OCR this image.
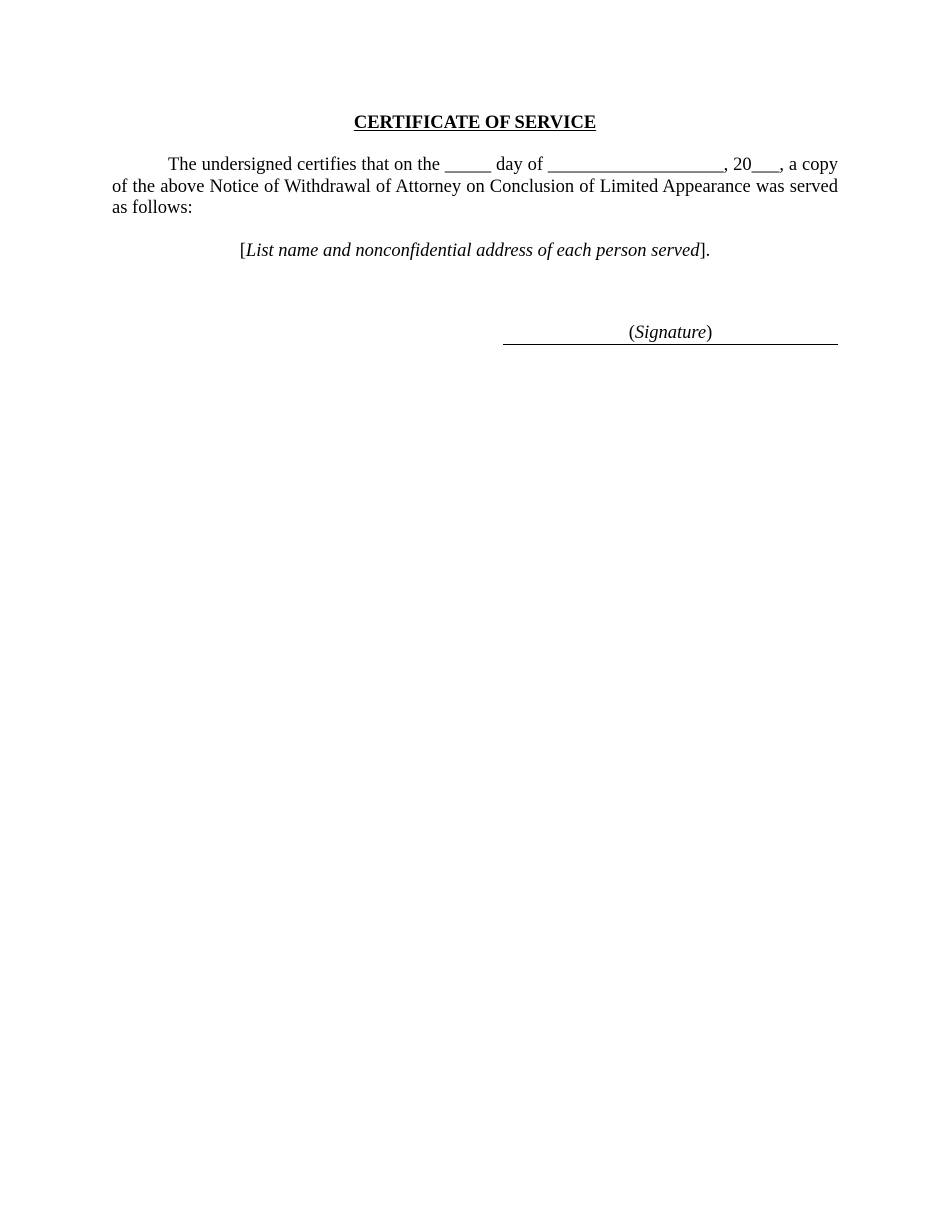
CERTIFICATE OF SERVICE

The undersigned certifies that on the _____ day of ___________________, 20___, a copy of the above Notice of Withdrawal of Attorney on Conclusion of Limited Appearance was served as follows:

[List name and nonconfidential address of each person served].

(Signature)
